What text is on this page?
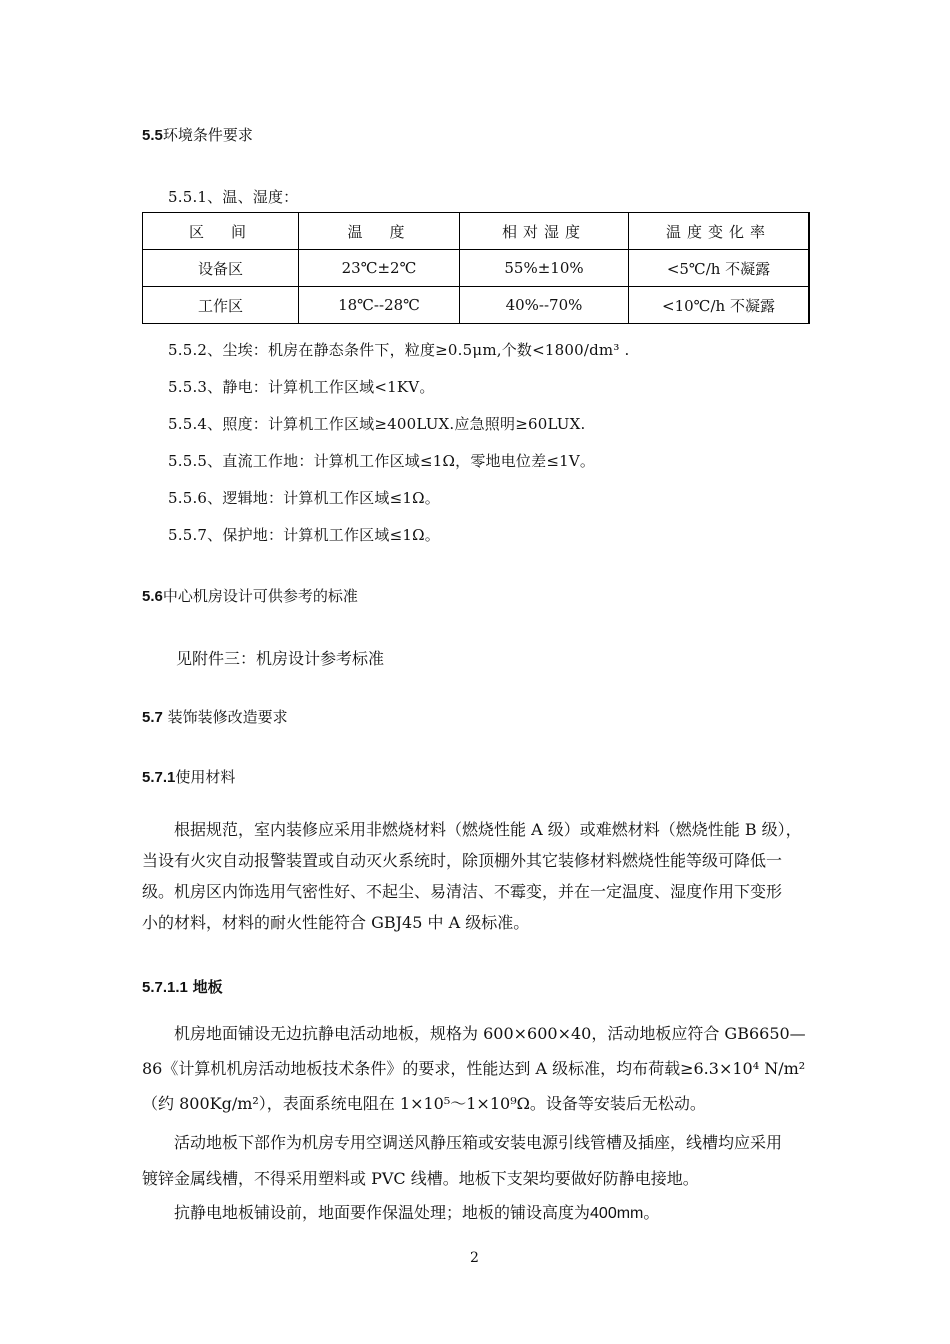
5.5环境条件要求
5.5.1、温、湿度：
区　间	温　度	相对湿度	温度变化率
设备区	23℃±2℃	55%±10%	<5℃/h 不凝露
工作区	18℃--28℃	40%--70%	<10℃/h 不凝露
5.5.2、尘埃：机房在静态条件下，粒度≥0.5μm,个数<1800/dm³ .
5.5.3、静电：计算机工作区域<1KV。
5.5.4、照度：计算机工作区域≥400LUX.应急照明≥60LUX.
5.5.5、直流工作地：计算机工作区域≤1Ω，零地电位差≤1V。
5.5.6、逻辑地：计算机工作区域≤1Ω。
5.5.7、保护地：计算机工作区域≤1Ω。
5.6中心机房设计可供参考的标准
见附件三：机房设计参考标准
5.7 装饰装修改造要求
5.7.1使用材料
　　根据规范，室内装修应采用非燃烧材料（燃烧性能 A 级）或难燃材料（燃烧性能 B 级），
当设有火灾自动报警装置或自动灭火系统时，除顶棚外其它装修材料燃烧性能等级可降低一
级。机房区内饰选用气密性好、不起尘、易清洁、不霉变，并在一定温度、湿度作用下变形
小的材料，材料的耐火性能符合 GBJ45 中 A 级标准。
5.7.1.1 地板
　　机房地面铺设无边抗静电活动地板，规格为 600×600×40，活动地板应符合 GB6650—
86《计算机机房活动地板技术条件》的要求，性能达到 A 级标准，均布荷载≥6.3×10⁴ N/m²
（约 800Kg/m²），表面系统电阻在 1×10⁵～1×10⁹Ω。设备等安装后无松动。
　　活动地板下部作为机房专用空调送风静压箱或安装电源引线管槽及插座，线槽均应采用
镀锌金属线槽，不得采用塑料或 PVC 线槽。地板下支架均要做好防静电接地。
　　抗静电地板铺设前，地面要作保温处理；地板的铺设高度为400mm。
2
